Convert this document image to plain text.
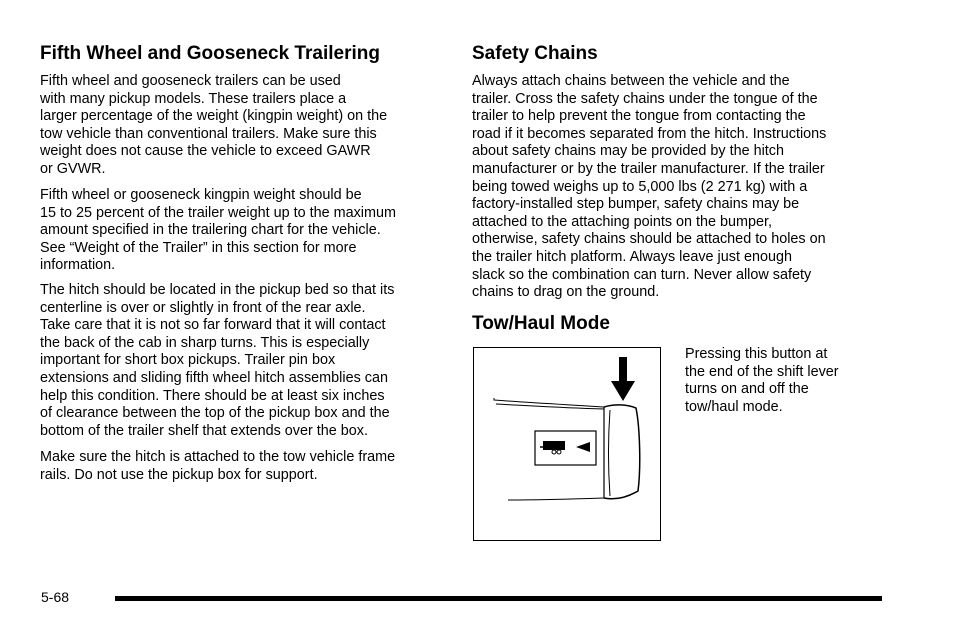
Fifth Wheel and Gooseneck Trailering

Fifth wheel and gooseneck trailers can be used
with many pickup models. These trailers place a
larger percentage of the weight (kingpin weight) on the
tow vehicle than conventional trailers. Make sure this
weight does not cause the vehicle to exceed GAWR
or GVWR.

Fifth wheel or gooseneck kingpin weight should be
15 to 25 percent of the trailer weight up to the maximum
amount specified in the trailering chart for the vehicle.
See “Weight of the Trailer” in this section for more
information.

The hitch should be located in the pickup bed so that its
centerline is over or slightly in front of the rear axle.
Take care that it is not so far forward that it will contact
the back of the cab in sharp turns. This is especially
important for short box pickups. Trailer pin box
extensions and sliding fifth wheel hitch assemblies can
help this condition. There should be at least six inches
of clearance between the top of the pickup box and the
bottom of the trailer shelf that extends over the box.

Make sure the hitch is attached to the tow vehicle frame
rails. Do not use the pickup box for support.

Safety Chains

Always attach chains between the vehicle and the
trailer. Cross the safety chains under the tongue of the
trailer to help prevent the tongue from contacting the
road if it becomes separated from the hitch. Instructions
about safety chains may be provided by the hitch
manufacturer or by the trailer manufacturer. If the trailer
being towed weighs up to 5,000 lbs (2 271 kg) with a
factory-installed step bumper, safety chains may be
attached to the attaching points on the bumper,
otherwise, safety chains should be attached to holes on
the trailer hitch platform. Always leave just enough
slack so the combination can turn. Never allow safety
chains to drag on the ground.

Tow/Haul Mode

Pressing this button at
the end of the shift lever
turns on and off the
tow/haul mode.

5-68
